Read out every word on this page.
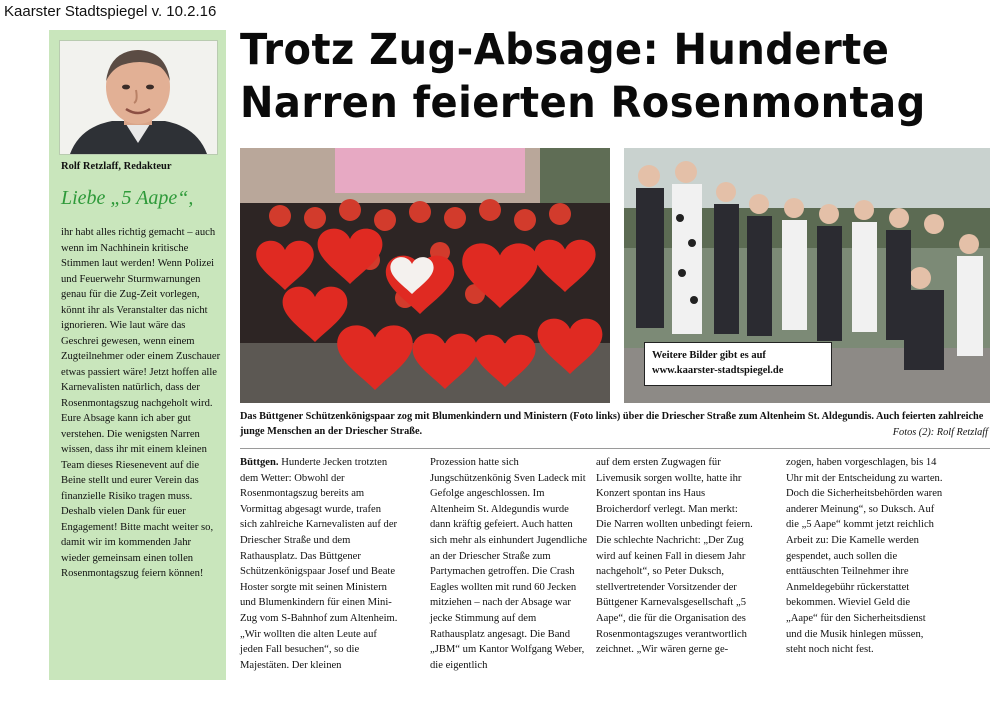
Kaarster Stadtspiegel v. 10.2.16
Rolf Retzlaff, Redakteur
Liebe „5 Aape“,
ihr habt alles richtig gemacht – auch wenn im Nachhinein kritische Stimmen laut werden! Wenn Polizei und Feuerwehr Sturmwarnungen genau für die Zug-Zeit vorlegen, könnt ihr als Veranstalter das nicht ignorieren. Wie laut wäre das Geschrei gewesen, wenn einem Zugteilnehmer oder einem Zuschauer etwas passiert wäre! Jetzt hoffen alle Karnevalisten natürlich, dass der Rosenmontagszug nachgeholt wird. Eure Absage kann ich aber gut verstehen. Die wenigsten Narren wissen, dass ihr mit einem kleinen Team dieses Riesenevent auf die Beine stellt und eurer Verein das finanzielle Risiko tragen muss. Deshalb vielen Dank für euer Engagement! Bitte macht weiter so, damit wir im kommenden Jahr wieder gemeinsam einen tollen Rosenmontagszug feiern können!
Trotz Zug-Absage: Hunderte Narren feierten Rosenmontag
Weitere Bilder gibt es auf
www.kaarster-stadtspiegel.de
Das Büttgener Schützenkönigspaar zog mit Blumenkindern und Ministern (Foto links) über die Driescher Straße zum Altenheim St. Aldegundis. Auch feierten zahlreiche junge Menschen an der Driescher Straße.	Fotos (2): Rolf Retzlaff
Büttgen. Hunderte Jecken trotzten dem Wetter: Obwohl der Rosenmontagszug bereits am Vormittag abgesagt wurde, trafen sich zahlreiche Karnevalisten auf der Driescher Straße und dem Rathausplatz. Das Büttgener Schützenkönigspaar Josef und Beate Hoster sorgte mit seinen Ministern und Blumenkindern für einen Mini-Zug vom S-Bahnhof zum Altenheim. „Wir wollten die alten Leute auf jeden Fall besuchen“, so die Majestäten. Der kleinen
Prozession hatte sich Jungschützenkönig Sven Ladeck mit Gefolge angeschlossen. Im Altenheim St. Aldegundis wurde dann kräftig gefeiert. Auch hatten sich mehr als einhundert Jugendliche an der Driescher Straße zum Partymachen getroffen. Die Crash Eagles wollten mit rund 60 Jecken mitziehen – nach der Absage war jecke Stimmung auf dem Rathausplatz angesagt. Die Band „JBM“ um Kantor Wolfgang Weber, die eigentlich
auf dem ersten Zugwagen für Livemusik sorgen wollte, hatte ihr Konzert spontan ins Haus Broicherdorf verlegt. Man merkt: Die Narren wollten unbedingt feiern. Die schlechte Nachricht: „Der Zug wird auf keinen Fall in diesem Jahr nachgeholt“, so Peter Duksch, stellvertretender Vorsitzender der Büttgener Karnevalsgesellschaft „5 Aape“, die für die Organisation des Rosenmontagszuges verantwortlich zeichnet. „Wir wären gerne ge-
zogen, haben vorgeschlagen, bis 14 Uhr mit der Entscheidung zu warten. Doch die Sicherheitsbehörden waren anderer Meinung“, so Duksch. Auf die „5 Aape“ kommt jetzt reichlich Arbeit zu: Die Kamelle werden gespendet, auch sollen die enttäuschten Teilnehmer ihre Anmeldegebühr rückerstattet bekommen. Wieviel Geld die „Aape“ für den Sicherheitsdienst und die Musik hinlegen müssen, steht noch nicht fest.
